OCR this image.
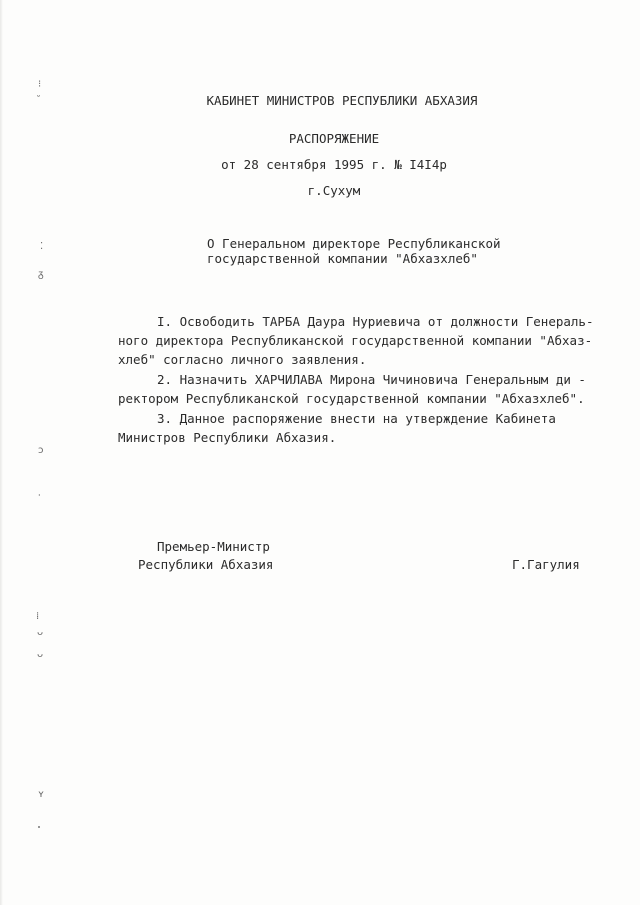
⁝
˘
⁚
ᵹ
ɔ
⸳
⁞
ᴗ
ᴗ
ʏ
КАБИНЕТ МИНИСТРОВ РЕСПУБЛИКИ АБХАЗИЯ
РАСПОРЯЖЕНИЕ
от 28 сентября 1995 г. № I4I4р
г.Сухум
О Генеральном директоре Республиканской
государственной компании "Абхазхлеб"
I. Освободить ТАРБА Даура Нуриевича от должности Генераль-
ного директора Республиканской государственной компании "Абхаз-
хлеб" согласно личного заявления.
2. Назначить ХАРЧИЛАВА Мирона Чичиновича Генеральным ди -
ректором Республиканской государственной компании "Абхазхлеб".
3. Данное распоряжение внести на утверждение Кабинета
Министров Республики Абхазия.
Премьер-Министр
Республики Абхазия	Г.Гагулия
